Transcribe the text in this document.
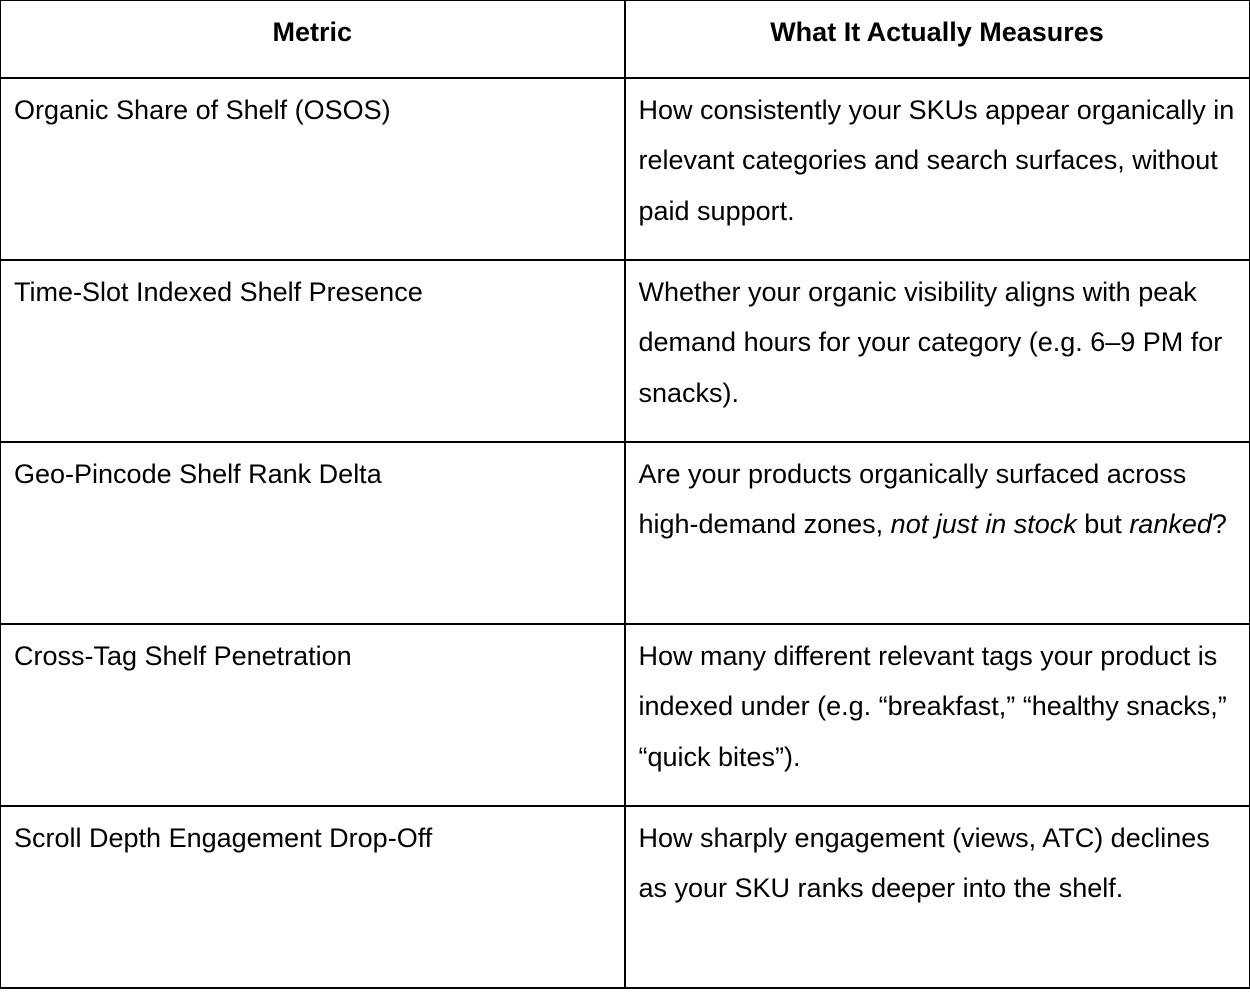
Metric	What It Actually Measures
Organic Share of Shelf (OSOS)	How consistently your SKUs appear organically in relevant categories and search surfaces, without paid support.
Time-Slot Indexed Shelf Presence	Whether your organic visibility aligns with peak demand hours for your category (e.g. 6–9 PM for snacks).
Geo-Pincode Shelf Rank Delta	Are your products organically surfaced across high-demand zones, not just in stock but ranked?
Cross-Tag Shelf Penetration	How many different relevant tags your product is indexed under (e.g. “breakfast,” “healthy snacks,” “quick bites”).
Scroll Depth Engagement Drop-Off	How sharply engagement (views, ATC) declines as your SKU ranks deeper into the shelf.
